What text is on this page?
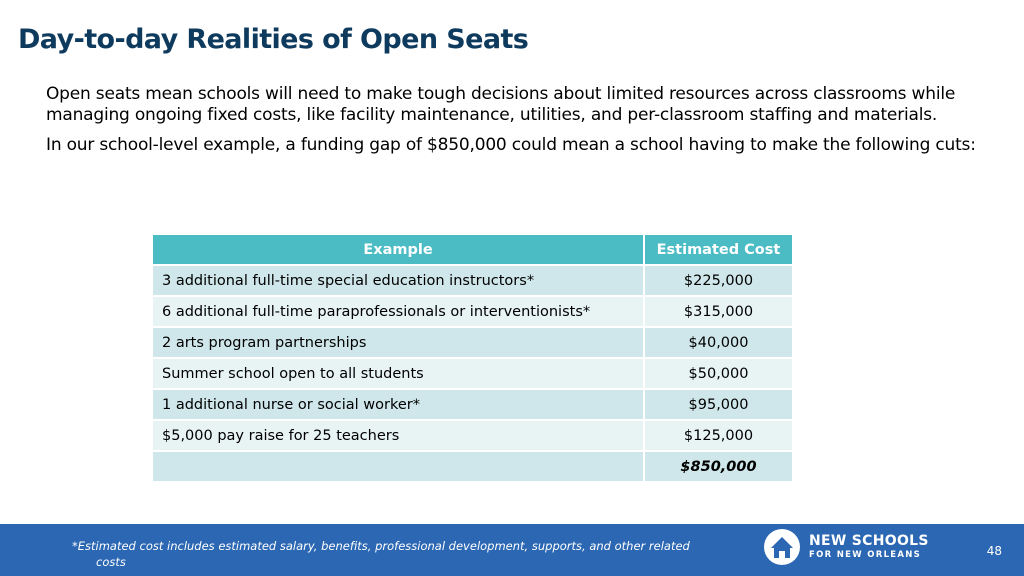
Day-to-day Realities of Open Seats

Open seats mean schools will need to make tough decisions about limited resources across classrooms while managing ongoing fixed costs, like facility maintenance, utilities, and per-classroom staffing and materials.

In our school-level example, a funding gap of $850,000 could mean a school having to make the following cuts:

Example	Estimated Cost
3 additional full-time special education instructors*	$225,000
6 additional full-time paraprofessionals or interventionists*	$315,000
2 arts program partnerships	$40,000
Summer school open to all students	$50,000
1 additional nurse or social worker*	$95,000
$5,000 pay raise for 25 teachers	$125,000
	$850,000
*Estimated cost includes estimated salary, benefits, professional development, supports, and other related costs
NEW SCHOOLS
FOR NEW ORLEANS	48
